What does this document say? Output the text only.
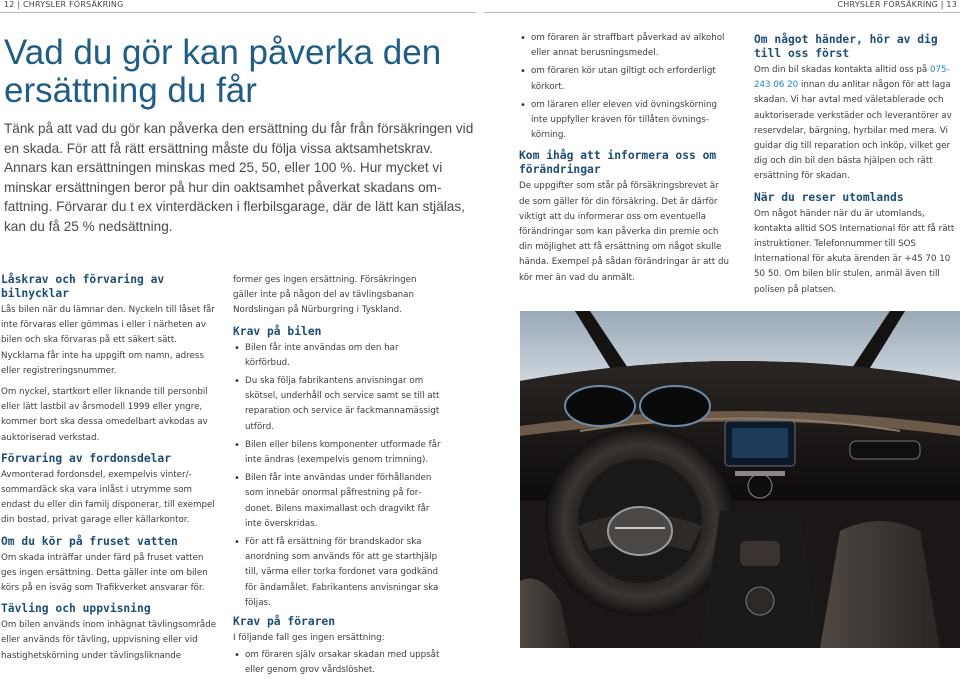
12 | CHRYSLER FÖRSÄKRING	CHRYSLER FÖRSÄKRING | 13
Vad du gör kan påverka den ersättning du får

Tänk på att vad du gör kan påverka den ersättning du får från försäkringen vid en skada. För att få rätt ersättning måste du följa vissa aktsamhetskrav. Annars kan ersättningen minskas med 25, 50, eller 100 %. Hur mycket vi minskar ersättningen beror på hur din oaktsamhet påverkat skadans omfattning. Förvarar du t ex vinterdäcken i flerbilsgarage, där de lätt kan stjälas, kan du få 25 % nedsättning.

Låskrav och förvaring av bilnycklar

Lås bilen när du lämnar den. Nyckeln till låset får inte förvaras eller gömmas i eller i närheten av bilen och ska förvaras på ett säkert sätt. Nycklarna får inte ha uppgift om namn, adress eller registreringsnummer.

Om nyckel, startkort eller liknande till personbil eller lätt lastbil av årsmodell 1999 eller yngre, kommer bort ska dessa omedelbart avkodas av auktoriserad verkstad.

Förvaring av fordonsdelar

Avmonterad fordonsdel, exempelvis vinter/sommardäck ska vara inlåst i utrymme som endast du eller din familj disponerar, till exempel din bostad, privat garage eller källarkontor.

Om du kör på fruset vatten

Om skada inträffar under färd på fruset vatten ges ingen ersättning. Detta gäller inte om bilen körs på en isväg som Trafikverket ansvarar för.

Tävling och uppvisning

Om bilen används inom inhägnat tävlingsområde eller används för tävling, uppvisning eller vid hastighetskörning under tävlingsliknande

former ges ingen ersättning. Försäkringen gäller inte på någon del av tävlingsbanan Nordslingan på Nürburgring i Tyskland.

Krav på bilen
• Bilen får inte användas om den har körförbud.
• Du ska följa fabrikantens anvisningar om skötsel, underhåll och service samt se till att reparation och service är fackmannamässigt utförd.
• Bilen eller bilens komponenter utformade får inte ändras (exempelvis genom trimning).
• Bilen får inte användas under förhållanden som innebär onormal påfrestning på fordonet. Bilens maximallast och dragvikt får inte överskridas.
• För att få ersättning för brandskador ska anordning som används för att ge starthjälp till, värma eller torka fordonet vara godkänd för ändamålet. Fabrikantens anvisningar ska följas.
Krav på föraren

I följande fall ges ingen ersättning:

• om föraren själv orsakar skadan med uppsåt eller genom grov vårdslöshet.
• om föraren är straffbart påverkad av alkohol eller annat berusningsmedel.
• om föraren kör utan giltigt och erforderligt körkort.
• om läraren eller eleven vid övningskörning inte uppfyller kraven för tillåten övningskörning.
Kom ihåg att informera oss om förändringar

De uppgifter som står på försäkringsbrevet är de som gäller för din försäkring. Det är därför viktigt att du informerar oss om eventuella förändringar som kan påverka din premie och din möjlighet att få ersättning om något skulle hända. Exempel på sådan förändringar är att du kör mer än vad du anmält.

Om något händer, hör av dig till oss först

Om din bil skadas kontakta alltid oss på 075-243 06 20 innan du anlitar någon för att laga skadan. Vi har avtal med väletablerade och auktoriserade verkstäder och leverantörer av reservdelar, bärgning, hyrbilar med mera. Vi guidar dig till reparation och inköp, vilket ger dig och din bil den bästa hjälpen och rätt ersättning för skadan.

När du reser utomlands

Om något händer när du är utomlands, kontakta alltid SOS International för att få rätt instruktioner. Telefonnummer till SOS International för akuta ärenden är +45 70 10 50 50. Om bilen blir stulen, anmäl även till polisen på platsen.
